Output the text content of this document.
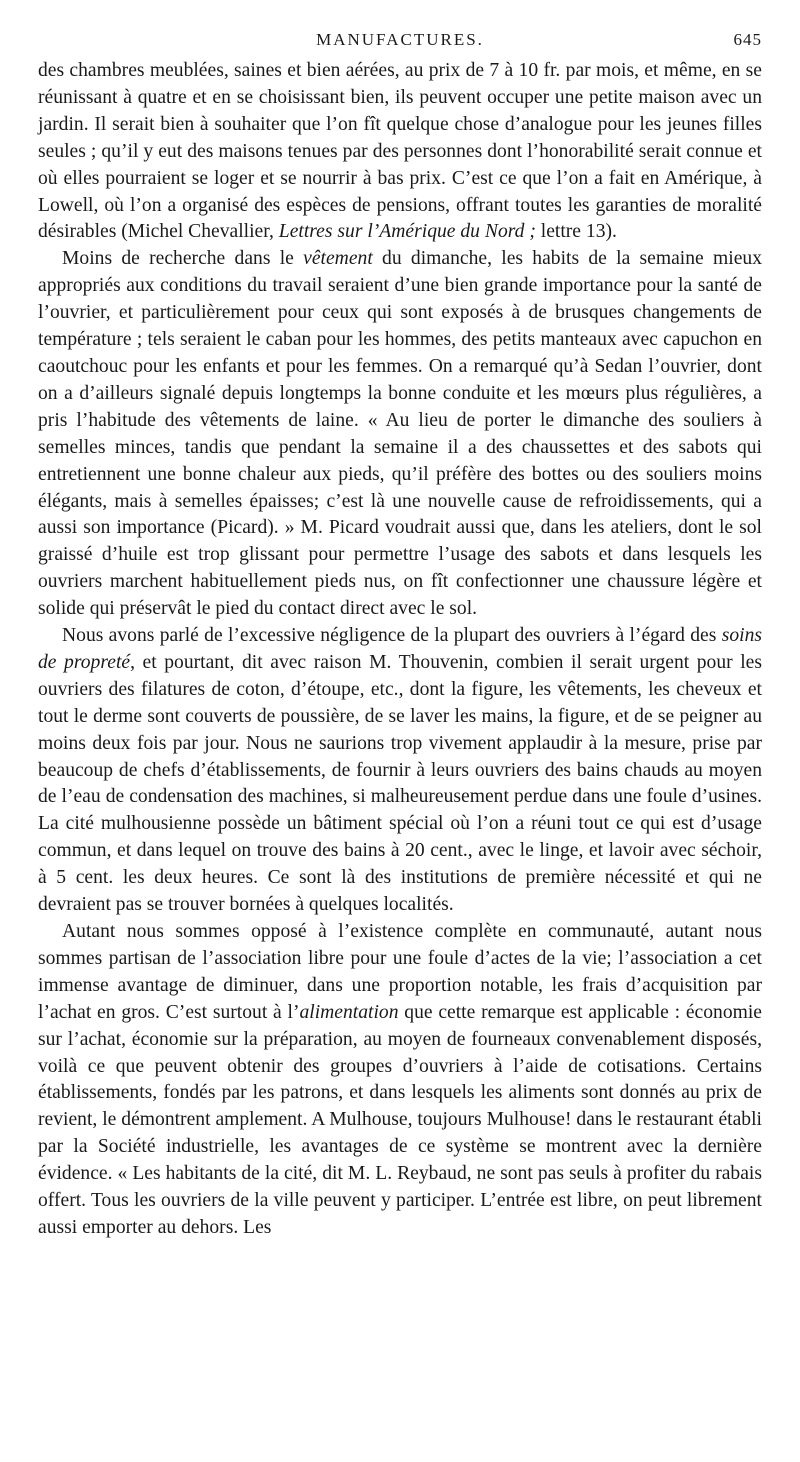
MANUFACTURES.	645

des chambres meublées, saines et bien aérées, au prix de 7 à 10 fr. par mois, et même, en se réunissant à quatre et en se choisissant bien, ils peuvent occuper une petite maison avec un jardin. Il serait bien à souhaiter que l’on fît quelque chose d’analogue pour les jeunes filles seules ; qu’il y eut des maisons tenues par des personnes dont l’honorabilité serait connue et où elles pourraient se loger et se nourrir à bas prix. C’est ce que l’on a fait en Amérique, à Lowell, où l’on a organisé des espèces de pensions, offrant toutes les garanties de moralité désirables (Michel Chevallier, Lettres sur l’Amérique du Nord ; lettre 13).

Moins de recherche dans le vêtement du dimanche, les habits de la semaine mieux appropriés aux conditions du travail seraient d’une bien grande importance pour la santé de l’ouvrier, et particulièrement pour ceux qui sont exposés à de brusques changements de température ; tels seraient le caban pour les hommes, des petits manteaux avec capuchon en caoutchouc pour les enfants et pour les femmes. On a remarqué qu’à Sedan l’ouvrier, dont on a d’ailleurs signalé depuis longtemps la bonne conduite et les mœurs plus régulières, a pris l’habitude des vêtements de laine. « Au lieu de porter le dimanche des souliers à semelles minces, tandis que pendant la semaine il a des chaussettes et des sabots qui entretiennent une bonne chaleur aux pieds, qu’il préfère des bottes ou des souliers moins élégants, mais à semelles épaisses; c’est là une nouvelle cause de refroidissements, qui a aussi son importance (Picard). » M. Picard voudrait aussi que, dans les ateliers, dont le sol graissé d’huile est trop glissant pour permettre l’usage des sabots et dans lesquels les ouvriers marchent habituellement pieds nus, on fît confectionner une chaussure légère et solide qui préservât le pied du contact direct avec le sol.

Nous avons parlé de l’excessive négligence de la plupart des ouvriers à l’égard des soins de propreté, et pourtant, dit avec raison M. Thouvenin, combien il serait urgent pour les ouvriers des filatures de coton, d’étoupe, etc., dont la figure, les vêtements, les cheveux et tout le derme sont couverts de poussière, de se laver les mains, la figure, et de se peigner au moins deux fois par jour. Nous ne saurions trop vivement applaudir à la mesure, prise par beaucoup de chefs d’établissements, de fournir à leurs ouvriers des bains chauds au moyen de l’eau de condensation des machines, si malheureusement perdue dans une foule d’usines. La cité mulhousienne possède un bâtiment spécial où l’on a réuni tout ce qui est d’usage commun, et dans lequel on trouve des bains à 20 cent., avec le linge, et lavoir avec séchoir, à 5 cent. les deux heures. Ce sont là des institutions de première nécessité et qui ne devraient pas se trouver bornées à quelques localités.

Autant nous sommes opposé à l’existence complète en communauté, autant nous sommes partisan de l’association libre pour une foule d’actes de la vie; l’association a cet immense avantage de diminuer, dans une proportion notable, les frais d’acquisition par l’achat en gros. C’est surtout à l’alimentation que cette remarque est applicable : économie sur l’achat, économie sur la préparation, au moyen de fourneaux convenablement disposés, voilà ce que peuvent obtenir des groupes d’ouvriers à l’aide de cotisations. Certains établissements, fondés par les patrons, et dans lesquels les aliments sont donnés au prix de revient, le démontrent amplement. A Mulhouse, toujours Mulhouse! dans le restaurant établi par la Société industrielle, les avantages de ce système se montrent avec la dernière évidence. « Les habitants de la cité, dit M. L. Reybaud, ne sont pas seuls à profiter du rabais offert. Tous les ouvriers de la ville peuvent y participer. L’entrée est libre, on peut librement aussi emporter au dehors. Les
